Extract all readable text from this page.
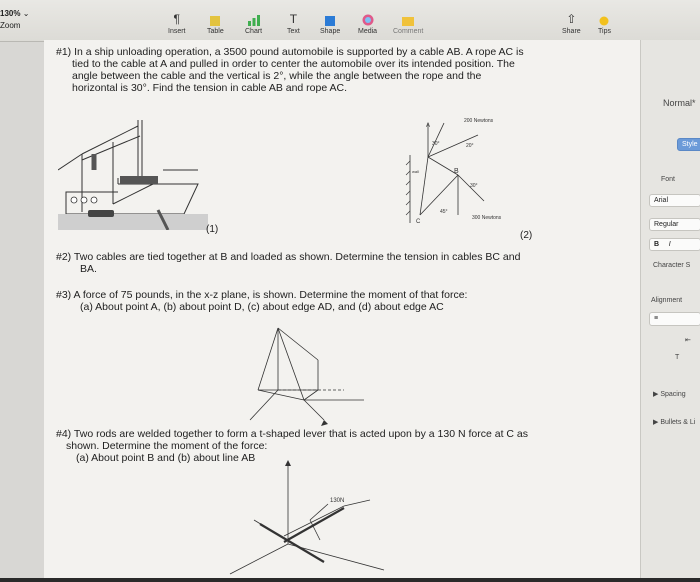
130% ⌄
Zoom	¶
Insert	Table	Chart
T
Text	Shape	Media Comment
⇧
Share Tips
#1) In a ship unloading operation, a 3500 pound automobile is supported by a cable AB. A rope AC is
tied to the cable at A and pulled in order to center the automobile over its intended position. The
angle between the cable and the vertical is 2°, while the angle between the rope and the
horizontal is 30°. Find the tension in cable AB and rope AC.
(1)
200 Newtons
300 Newtons
A
B
C
30°	20°
45°
30°
wall
(2)
#2) Two cables are tied together at B and loaded as shown. Determine the tension in cables BC and
BA.
#3) A force of 75 pounds, in the x-z plane, is shown. Determine the moment of that force:
(a) About point A, (b) about point D, (c) about edge AD, and (d) about edge AC
#4) Two rods are welded together to form a t-shaped lever that is acted upon by a 130 N force at C as
shown. Determine the moment of the force:
(a) About point B and (b) about line AB
130N
Normal*
Style
Font
Arial
Regular
B I
Character S
Alignment
≡
⇤
T
▶ Spacing
▶ Bullets & Li
